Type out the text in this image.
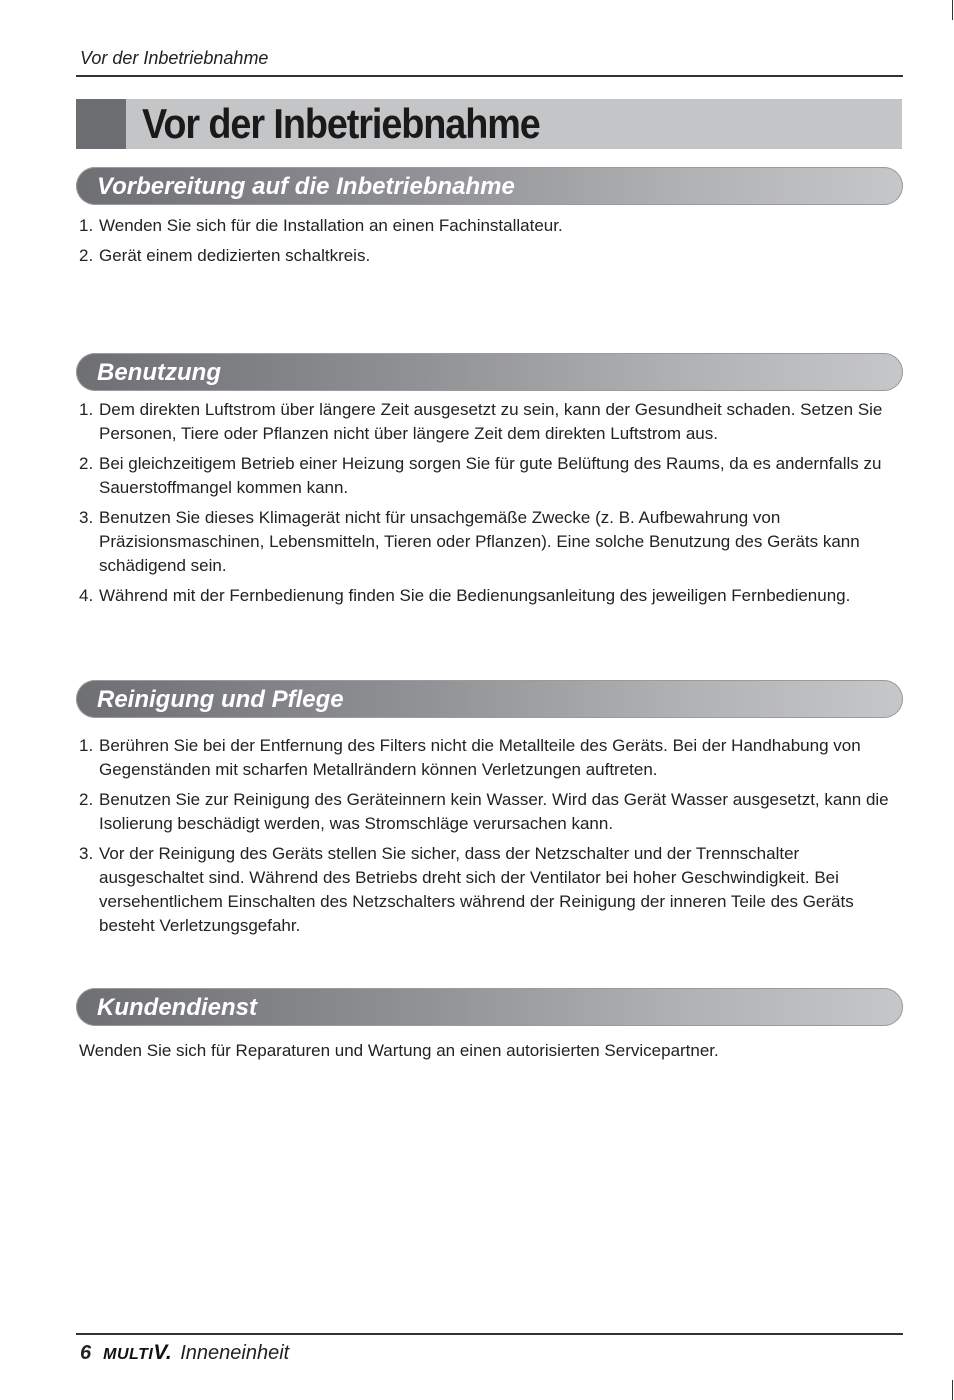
Vor der Inbetriebnahme
Vor der Inbetriebnahme
Vorbereitung auf die Inbetriebnahme
1. Wenden Sie sich für die Installation an einen Fachinstallateur.
2. Gerät einem dedizierten schaltkreis.
Benutzung
1. Dem direkten Luftstrom über längere Zeit ausgesetzt zu sein, kann der Gesundheit schaden. Setzen Sie Personen, Tiere oder Pflanzen nicht über längere Zeit dem direkten Luftstrom aus.
2. Bei gleichzeitigem Betrieb einer Heizung sorgen Sie für gute Belüftung des Raums, da es andernfalls zu Sauerstoffmangel kommen kann.
3. Benutzen Sie dieses Klimagerät nicht für unsachgemäße Zwecke (z. B. Aufbewahrung von Präzisionsmaschinen, Lebensmitteln, Tieren oder Pflanzen). Eine solche Benutzung des Geräts kann schädigend sein.
4. Während mit der Fernbedienung finden Sie die Bedienungsanleitung des jeweiligen Fernbedienung.
Reinigung und Pflege
1. Berühren Sie bei der Entfernung des Filters nicht die Metallteile des Geräts. Bei der Handhabung von Gegenständen mit scharfen Metallrändern können Verletzungen auftreten.
2. Benutzen Sie zur Reinigung des Geräteinnern kein Wasser. Wird das Gerät Wasser ausgesetzt, kann die Isolierung beschädigt werden, was Stromschläge verursachen kann.
3. Vor der Reinigung des Geräts stellen Sie sicher, dass der Netzschalter und der Trennschalter ausgeschaltet sind. Während des Betriebs dreht sich der Ventilator bei hoher Geschwindigkeit. Bei versehentlichem Einschalten des Netzschalters während der Reinigung der inneren Teile des Geräts besteht Verletzungsgefahr.
Kundendienst
Wenden Sie sich für Reparaturen und Wartung an einen autorisierten Servicepartner.
6 MULTIV. Inneneinheit
